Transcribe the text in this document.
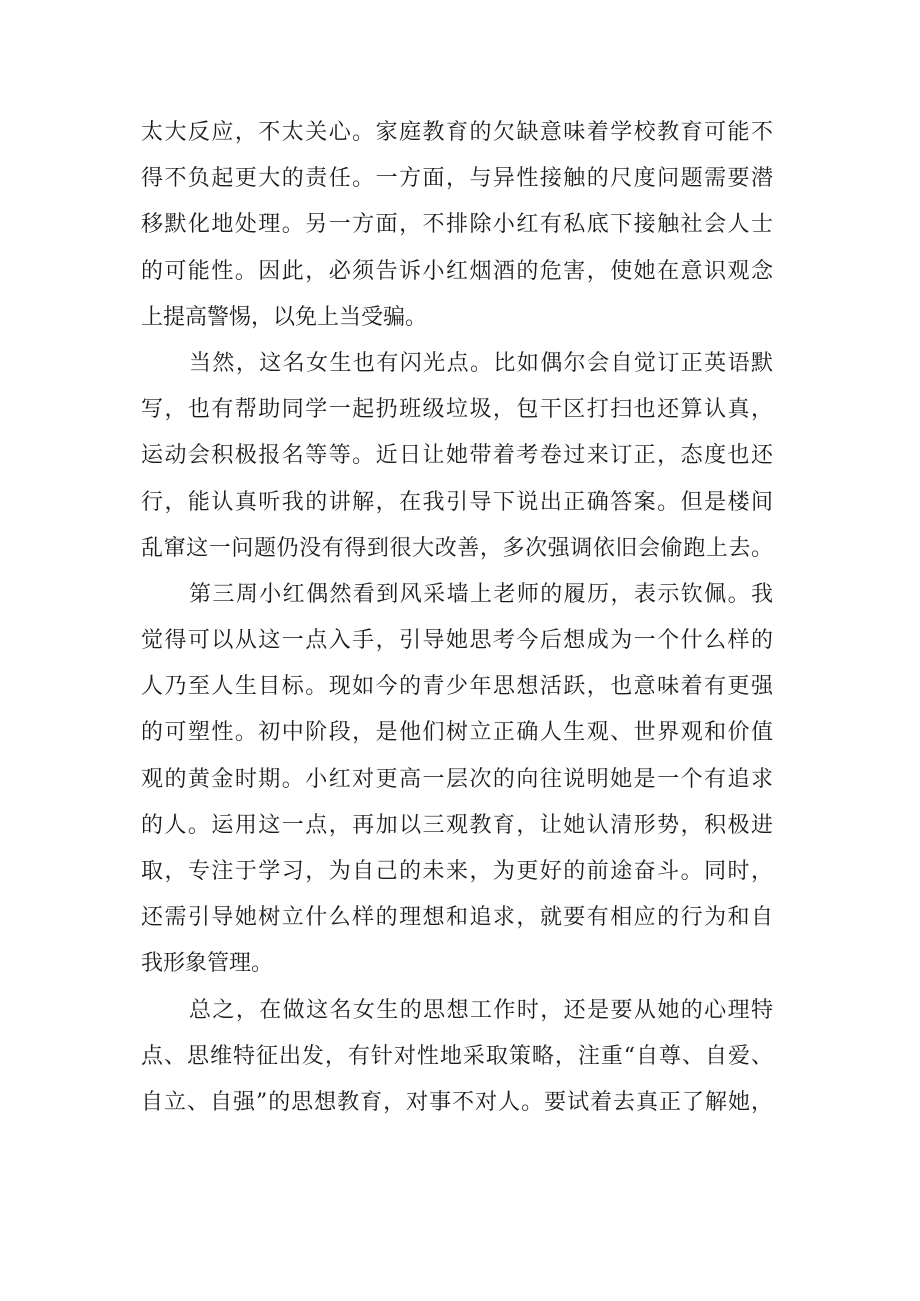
太大反应，不太关心。家庭教育的欠缺意味着学校教育可能不
得不负起更大的责任。一方面，与异性接触的尺度问题需要潜
移默化地处理。另一方面，不排除小红有私底下接触社会人士
的可能性。因此，必须告诉小红烟酒的危害，使她在意识观念
上提高警惕，以免上当受骗。
当然，这名女生也有闪光点。比如偶尔会自觉订正英语默
写，也有帮助同学一起扔班级垃圾，包干区打扫也还算认真，
运动会积极报名等等。近日让她带着考卷过来订正，态度也还
行，能认真听我的讲解，在我引导下说出正确答案。但是楼间
乱窜这一问题仍没有得到很大改善，多次强调依旧会偷跑上去。
第三周小红偶然看到风采墙上老师的履历，表示钦佩。我
觉得可以从这一点入手，引导她思考今后想成为一个什么样的
人乃至人生目标。现如今的青少年思想活跃，也意味着有更强
的可塑性。初中阶段，是他们树立正确人生观、世界观和价值
观的黄金时期。小红对更高一层次的向往说明她是一个有追求
的人。运用这一点，再加以三观教育，让她认清形势，积极进
取，专注于学习，为自己的未来，为更好的前途奋斗。同时，
还需引导她树立什么样的理想和追求，就要有相应的行为和自
我形象管理。
总之，在做这名女生的思想工作时，还是要从她的心理特
点、思维特征出发，有针对性地采取策略，注重“自尊、自爱、
自立、自强”的思想教育，对事不对人。要试着去真正了解她，
